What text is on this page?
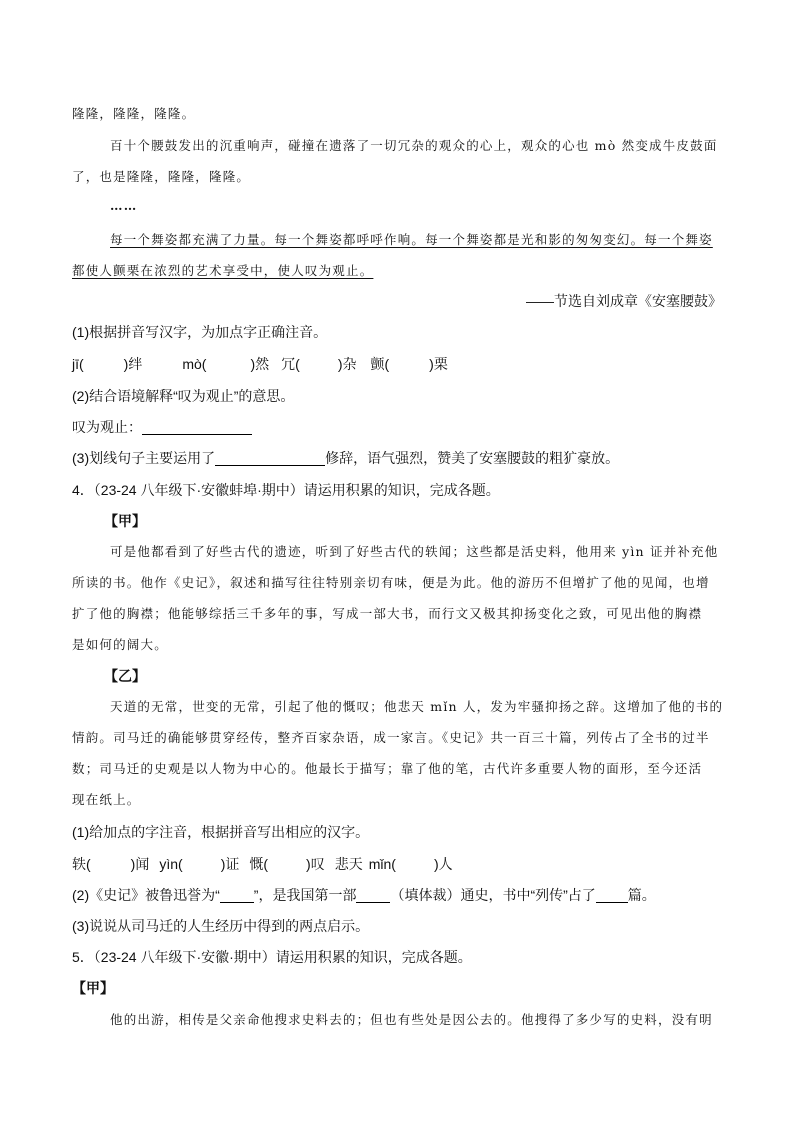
隆隆，隆隆，隆隆。
百十个腰鼓发出的沉重响声，碰撞在遗落了一切冗杂的观众的心上，观众的心也 mò 然变成牛皮鼓面
了，也是隆隆，隆隆，隆隆。
……
每一个舞姿都充满了力量。每一个舞姿都呼呼作响。每一个舞姿都是光和影的匆匆变幻。每一个舞姿
都使人颤栗在浓烈的艺术享受中，使人叹为观止。
——节选自刘成章《安塞腰鼓》
(1)根据拼音写汉字，为加点字正确注音。
jī(	)绊	mò(	)然 冗(	)杂 颤(	)栗
(2)结合语境解释“叹为观止”的意思。
叹为观止：
(3)划线句子主要运用了	修辞，语气强烈，赞美了安塞腰鼓的粗犷豪放。
4．（23-24 八年级下·安徽蚌埠·期中）请运用积累的知识，完成各题。
【甲】
可是他都看到了好些古代的遗迹，听到了好些古代的轶闻；这些都是活史料，他用来 yìn 证并补充他
所读的书。他作《史记》，叙述和描写往往特别亲切有味，便是为此。他的游历不但增扩了他的见闻，也增
扩了他的胸襟；他能够综括三千多年的事，写成一部大书，而行文又极其抑扬变化之致，可见出他的胸襟
是如何的阔大。
【乙】
天道的无常，世变的无常，引起了他的慨叹；他悲天 mǐn 人，发为牢骚抑扬之辞。这增加了他的书的
情韵。司马迁的确能够贯穿经传，整齐百家杂语，成一家言。《史记》共一百三十篇，列传占了全书的过半
数；司马迁的史观是以人物为中心的。他最长于描写；靠了他的笔，古代许多重要人物的面形，至今还活
现在纸上。
(1)给加点的字注音，根据拼音写出相应的汉字。
轶(	)闻 yìn(	)证 慨(	)叹 悲天 mǐn(	)人
(2)《史记》被鲁迅誉为“ ”，是我国第一部 （填体裁）通史，书中“列传”占了 篇。
(3)说说从司马迁的人生经历中得到的两点启示。
5．（23-24 八年级下·安徽·期中）请运用积累的知识，完成各题。
【甲】
他的出游，相传是父亲命他搜求史料去的；但也有些处是因公去的。他搜得了多少写的史料，没有明
